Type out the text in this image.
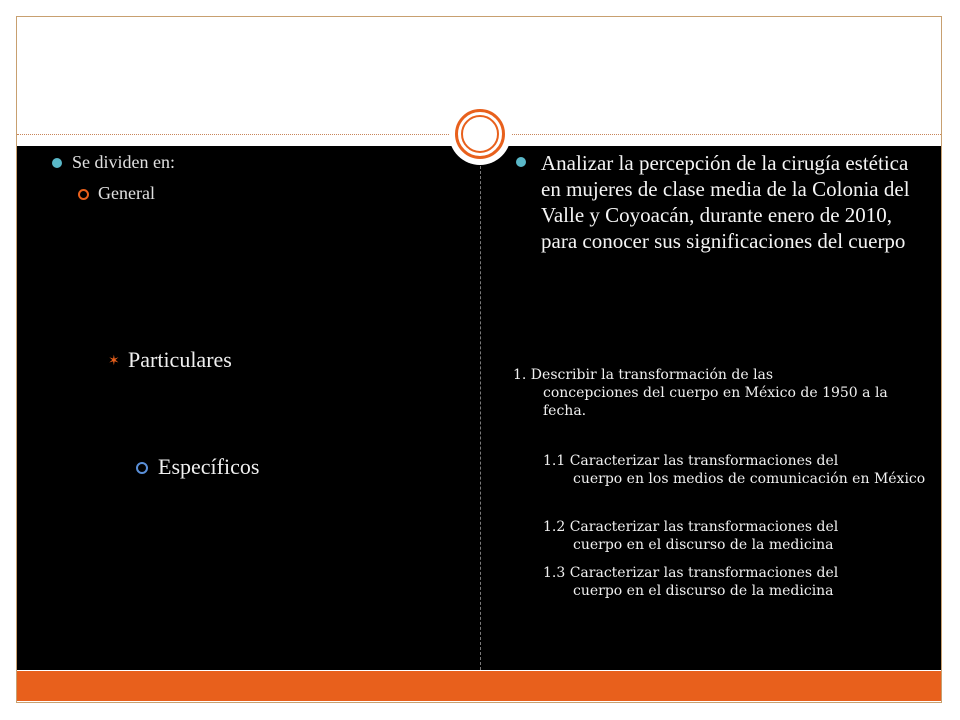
Se dividen en:
General
✶ Particulares
Específicos
Analizar la percepción de la cirugía estética en mujeres de clase media de la Colonia del Valle y Coyoacán, durante enero de 2010, para conocer sus significaciones del cuerpo
1. Describir la transformación de las
concepciones del cuerpo en México de 1950 a la fecha.
1.1 Caracterizar las transformaciones del
cuerpo en los medios de comunicación en México
1.2 Caracterizar las transformaciones del
cuerpo en el discurso de la medicina
1.3 Caracterizar las transformaciones del
cuerpo en el discurso de la medicina
